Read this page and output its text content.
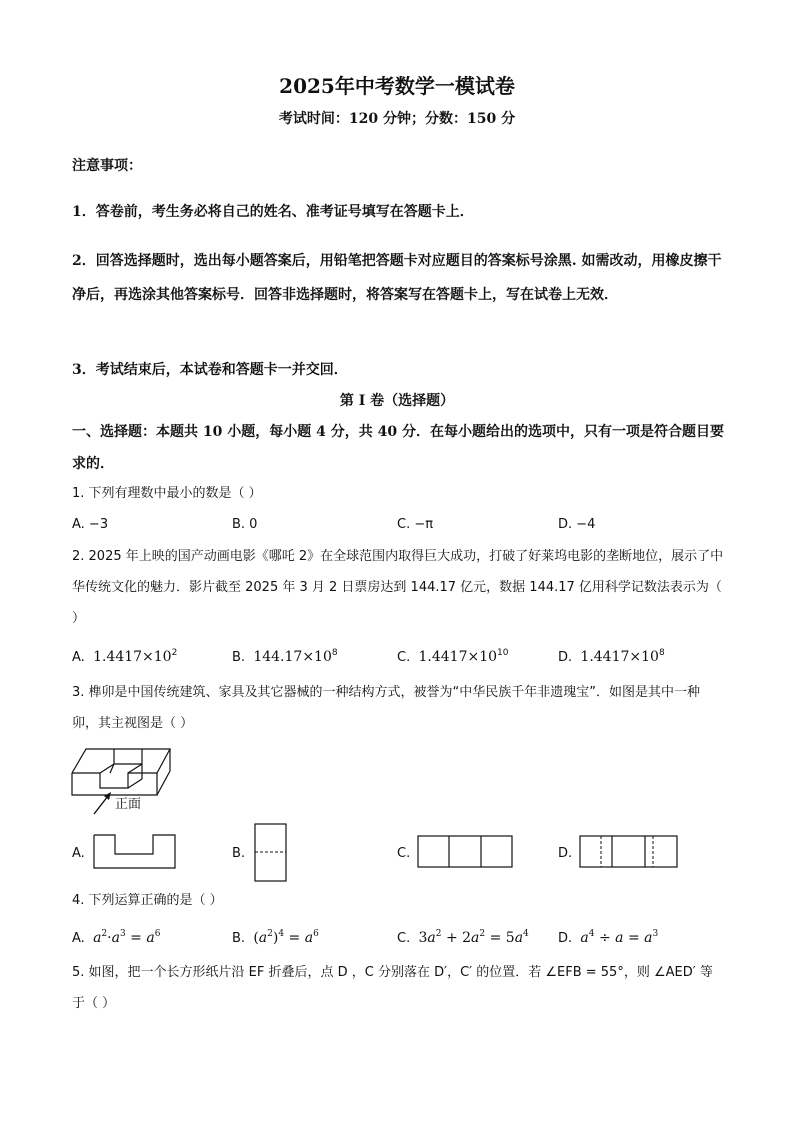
2025年中考数学一模试卷
考试时间：120 分钟；分数：150 分
注意事项：
1．答卷前，考生务必将自己的姓名、准考证号填写在答题卡上．
2．回答选择题时，选出每小题答案后，用铅笔把答题卡对应题目的答案标号涂黑. 如需改动，用橡皮擦干净后，再选涂其他答案标号．回答非选择题时，将答案写在答题卡上，写在试卷上无效．
3．考试结束后，本试卷和答题卡一并交回．
第 I 卷（选择题）
一、选择题：本题共 10 小题，每小题 4 分，共 40 分．在每小题给出的选项中，只有一项是符合题目要求的．
1. 下列有理数中最小的数是（ ）
A. −3	B. 0	C. −π	D. −4
2. 2025 年上映的国产动画电影《哪吒 2》在全球范围内取得巨大成功，打破了好莱坞电影的垄断地位，展示了中华传统文化的魅力．影片截至 2025 年 3 月 2 日票房达到 144.17 亿元，数据 144.17 亿用科学记数法表示为（ ）
A. $1.4417\times 10^2$	B. $144.17\times 10^8$	C. $1.4417\times 10^{10}$	D. $1.4417\times 10^8$
3. 榫卯是中国传统建筑、家具及其它器械的一种结构方式，被誉为“中华民族千年非遗瑰宝”．如图是其中一种卯，其主视图是（ ）
正面
A.	B.	C.	D.
4. 下列运算正确的是（ ）
A. $a^2\cdot a^3 = a^6$	B. $(a^2)^4 = a^6$	C. $3a^2 + 2a^2 = 5a^4$ D. $a^4 \div a = a^3$
5. 如图，把一个长方形纸片沿 EF 折叠后，点 D ，C 分别落在 D′，C′ 的位置．若 ∠EFB = 55°，则 ∠AED′ 等于（ ）
